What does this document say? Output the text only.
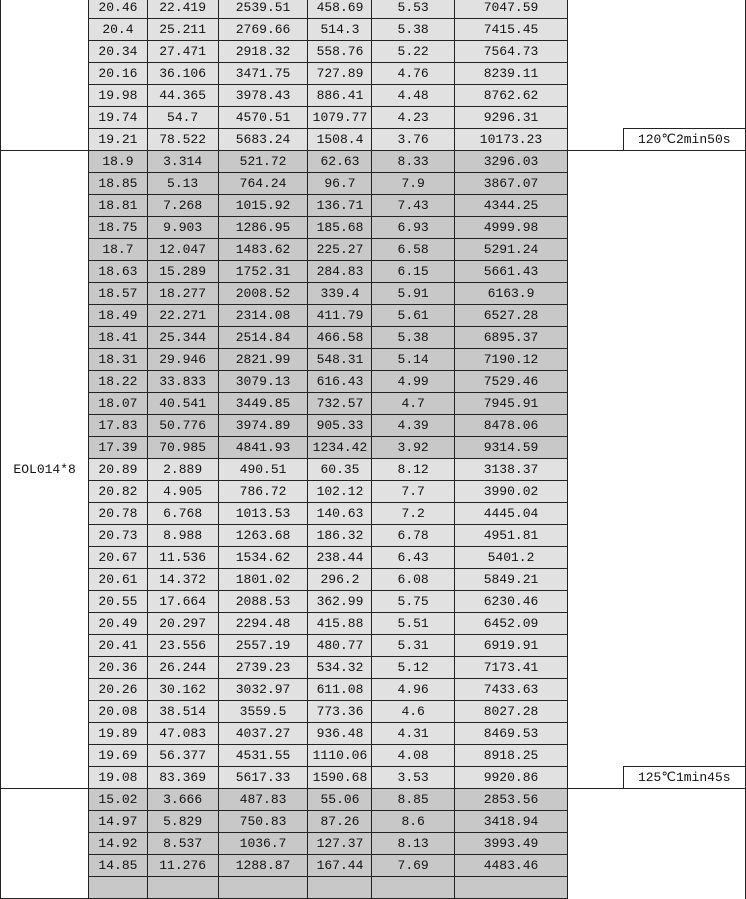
	20.46	22.419	2539.51	458.69	5.53	7047.59		
	20.4	25.211	2769.66	514.3	5.38	7415.45		
	20.34	27.471	2918.32	558.76	5.22	7564.73		
	20.16	36.106	3471.75	727.89	4.76	8239.11		
	19.98	44.365	3978.43	886.41	4.48	8762.62		
	19.74	54.7	4570.51	1079.77	4.23	9296.31		
	19.21	78.522	5683.24	1508.4	3.76	10173.23		120℃2min50s
EOL014*8	18.9	3.314	521.72	62.63	8.33	3296.03		
	18.85	5.13	764.24	96.7	7.9	3867.07		
	18.81	7.268	1015.92	136.71	7.43	4344.25		
	18.75	9.903	1286.95	185.68	6.93	4999.98		
	18.7	12.047	1483.62	225.27	6.58	5291.24		
	18.63	15.289	1752.31	284.83	6.15	5661.43		
	18.57	18.277	2008.52	339.4	5.91	6163.9		
	18.49	22.271	2314.08	411.79	5.61	6527.28		
	18.41	25.344	2514.84	466.58	5.38	6895.37		
	18.31	29.946	2821.99	548.31	5.14	7190.12		
	18.22	33.833	3079.13	616.43	4.99	7529.46		
	18.07	40.541	3449.85	732.57	4.7	7945.91		
	17.83	50.776	3974.89	905.33	4.39	8478.06		
	17.39	70.985	4841.93	1234.42	3.92	9314.59		
	20.89	2.889	490.51	60.35	8.12	3138.37		
	20.82	4.905	786.72	102.12	7.7	3990.02		
	20.78	6.768	1013.53	140.63	7.2	4445.04		
	20.73	8.988	1263.68	186.32	6.78	4951.81		
	20.67	11.536	1534.62	238.44	6.43	5401.2		
	20.61	14.372	1801.02	296.2	6.08	5849.21		
	20.55	17.664	2088.53	362.99	5.75	6230.46		
	20.49	20.297	2294.48	415.88	5.51	6452.09		
	20.41	23.556	2557.19	480.77	5.31	6919.91		
	20.36	26.244	2739.23	534.32	5.12	7173.41		
	20.26	30.162	3032.97	611.08	4.96	7433.63		
	20.08	38.514	3559.5	773.36	4.6	8027.28		
	19.89	47.083	4037.27	936.48	4.31	8469.53		
	19.69	56.377	4531.55	1110.06	4.08	8918.25		
	19.08	83.369	5617.33	1590.68	3.53	9920.86		125℃1min45s
	15.02	3.666	487.83	55.06	8.85	2853.56		
	14.97	5.829	750.83	87.26	8.6	3418.94		
	14.92	8.537	1036.7	127.37	8.13	3993.49		
	14.85	11.276	1288.87	167.44	7.69	4483.46		
